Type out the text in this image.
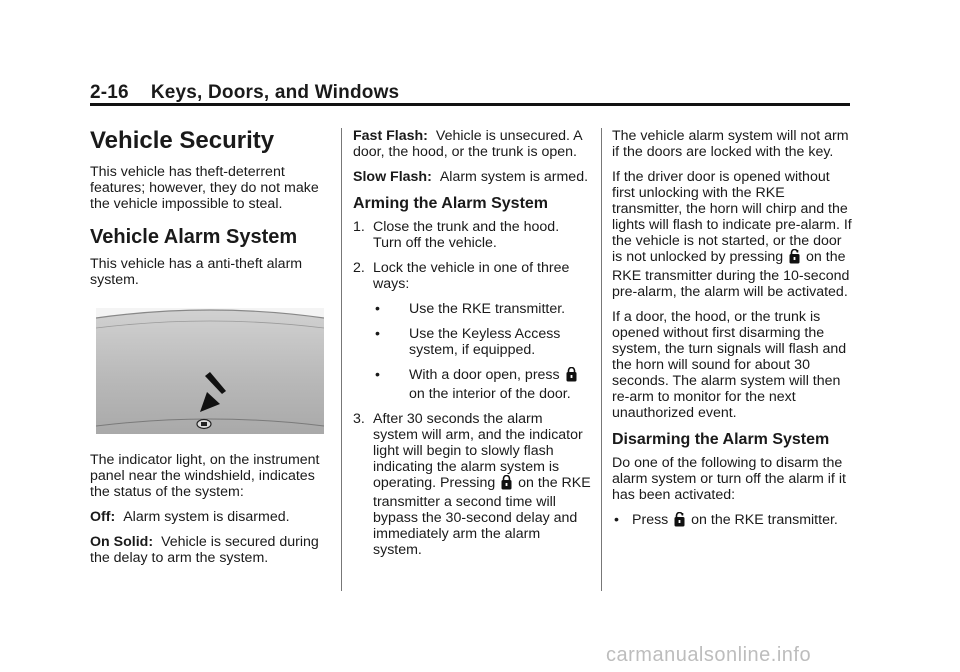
2-16 Keys, Doors, and Windows
Vehicle Security

This vehicle has theft-deterrent features; however, they do not make the vehicle impossible to steal.

Vehicle Alarm System

This vehicle has a anti-theft alarm system.

The indicator light, on the instrument panel near the windshield, indicates the status of the system:

Off: Alarm system is disarmed.

On Solid: Vehicle is secured during the delay to arm the system.

Fast Flash: Vehicle is unsecured. A door, the hood, or the trunk is open.

Slow Flash: Alarm system is armed.

Arming the Alarm System
1. Close the trunk and the hood. Turn off the vehicle.
2. Lock the vehicle in one of three ways:
•	Use the RKE transmitter.
•	Use the Keyless Access system, if equipped.
•	With a door open, press
on the interior of the door.
3. After 30 seconds the alarm system will arm, and the indicator light will begin to slowly flash indicating the alarm system is operating. Pressing on the RKE transmitter a second time will bypass the 30-second delay and immediately arm the alarm system.

The vehicle alarm system will not arm if the doors are locked with the key.

If the driver door is opened without first unlocking with the RKE transmitter, the horn will chirp and the lights will flash to indicate pre-alarm. If the vehicle is not started, or the door is not unlocked by pressing on the RKE transmitter during the 10-second pre-alarm, the alarm will be activated.

If a door, the hood, or the trunk is opened without first disarming the system, the turn signals will flash and the horn will sound for about 30 seconds. The alarm system will then re-arm to monitor for the next unauthorized event.

Disarming the Alarm System

Do one of the following to disarm the alarm system or turn off the alarm if it has been activated:

• Press on the RKE transmitter.
carmanualsonline.info
